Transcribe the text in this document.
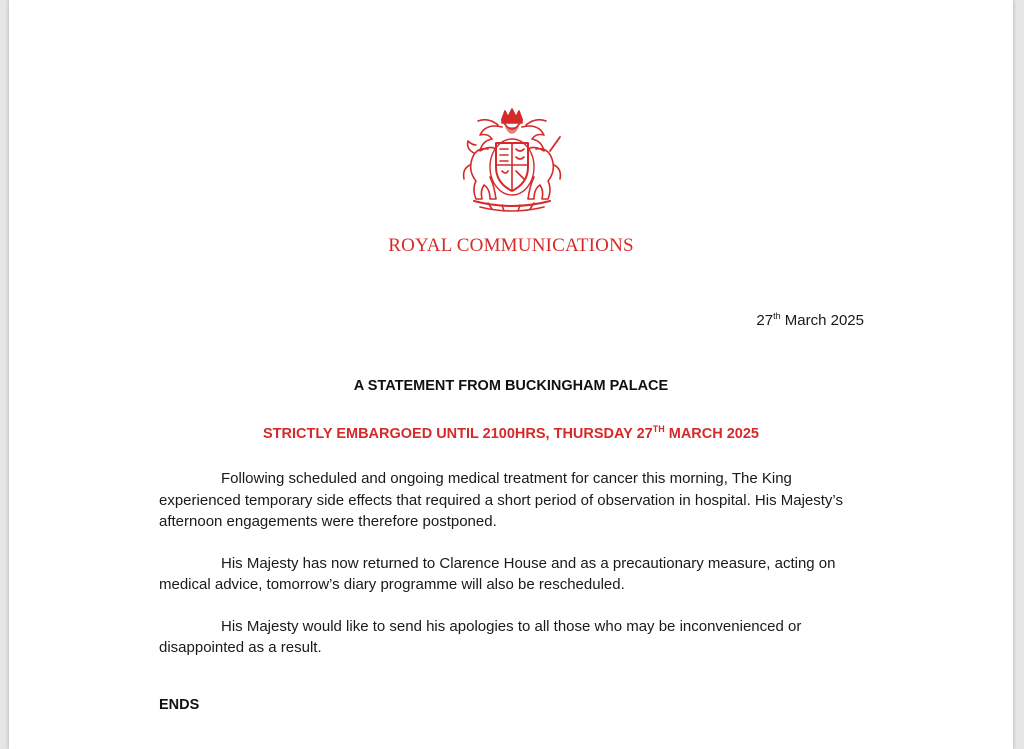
ROYAL COMMUNICATIONS
27th March 2025
A STATEMENT FROM BUCKINGHAM PALACE
STRICTLY EMBARGOED UNTIL 2100HRS, THURSDAY 27TH MARCH 2025

Following scheduled and ongoing medical treatment for cancer this morning, The King experienced temporary side effects that required a short period of observation in hospital. His Majesty’s afternoon engagements were therefore postponed.

His Majesty has now returned to Clarence House and as a precautionary measure, acting on medical advice, tomorrow’s diary programme will also be rescheduled.

His Majesty would like to send his apologies to all those who may be inconvenienced or disappointed as a result.

ENDS
